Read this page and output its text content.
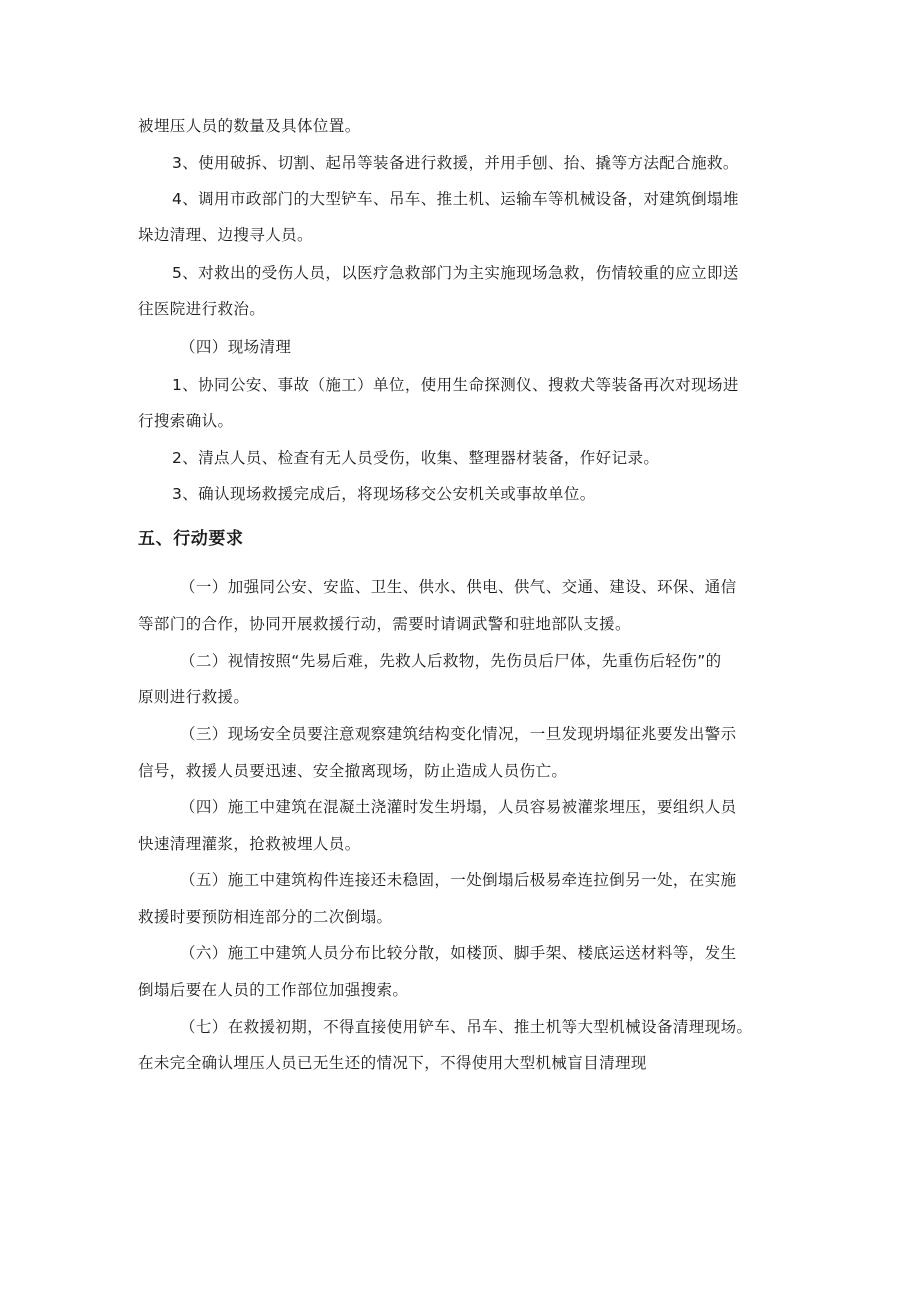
被埋压人员的数量及具体位置。

3、使用破拆、切割、起吊等装备进行救援，并用手刨、抬、撬等方法配合施救。

4、调用市政部门的大型铲车、吊车、推土机、运输车等机械设备，对建筑倒塌堆

垛边清理、边搜寻人员。

5、对救出的受伤人员，以医疗急救部门为主实施现场急救，伤情较重的应立即送

往医院进行救治。

（四）现场清理

1、协同公安、事故（施工）单位，使用生命探测仪、搜救犬等装备再次对现场进

行搜索确认。

2、清点人员、检查有无人员受伤，收集、整理器材装备，作好记录。

3、确认现场救援完成后，将现场移交公安机关或事故单位。

五、行动要求

（一）加强同公安、安监、卫生、供水、供电、供气、交通、建设、环保、通信

等部门的合作，协同开展救援行动，需要时请调武警和驻地部队支援。

（二）视情按照“先易后难，先救人后救物，先伤员后尸体，先重伤后轻伤”的

原则进行救援。

（三）现场安全员要注意观察建筑结构变化情况，一旦发现坍塌征兆要发出警示

信号，救援人员要迅速、安全撤离现场，防止造成人员伤亡。

（四）施工中建筑在混凝土浇灌时发生坍塌，人员容易被灌浆埋压，要组织人员

快速清理灌浆，抢救被埋人员。

（五）施工中建筑构件连接还未稳固，一处倒塌后极易牵连拉倒另一处，在实施

救援时要预防相连部分的二次倒塌。

（六）施工中建筑人员分布比较分散，如楼顶、脚手架、楼底运送材料等，发生

倒塌后要在人员的工作部位加强搜索。

（七）在救援初期，不得直接使用铲车、吊车、推土机等大型机械设备清理现场。

在未完全确认埋压人员已无生还的情况下，不得使用大型机械盲目清理现
